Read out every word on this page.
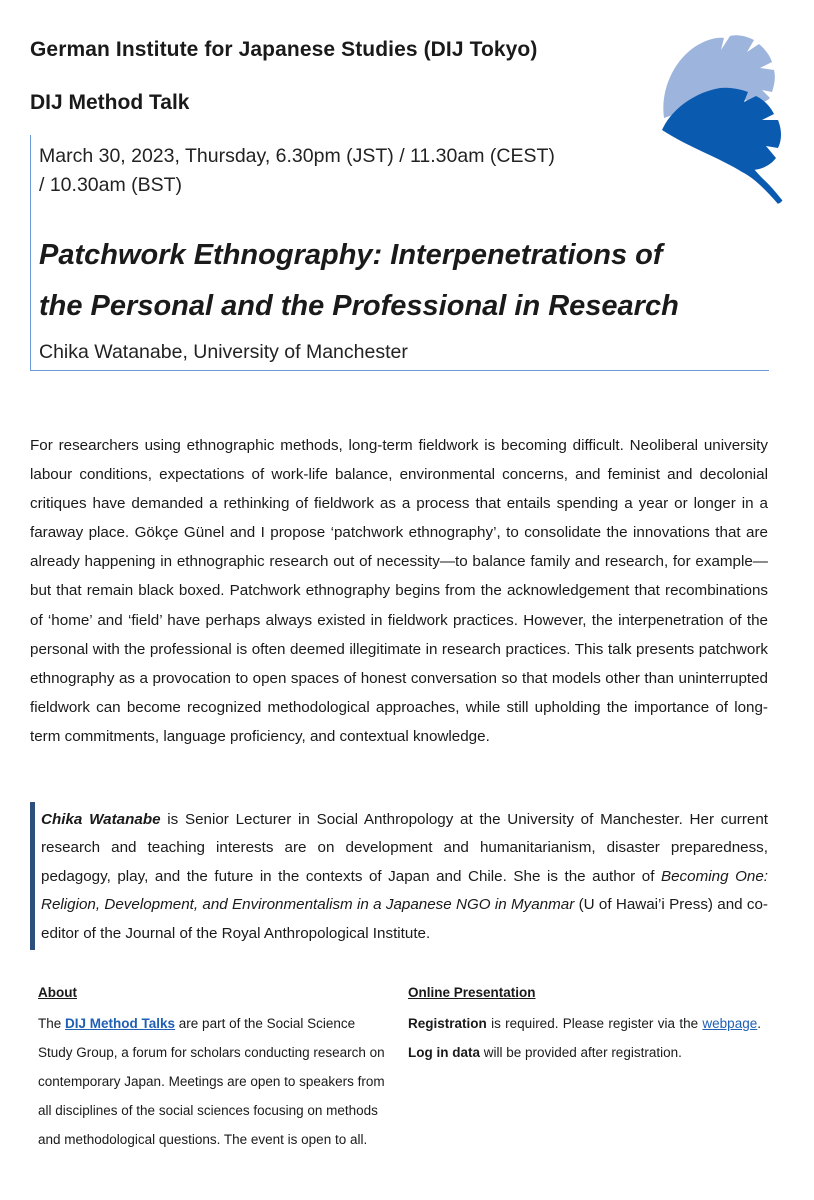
German Institute for Japanese Studies (DIJ Tokyo)
DIJ Method Talk
March 30, 2023, Thursday, 6.30pm (JST) / 11.30am (CEST)
/ 10.30am (BST)
Patchwork Ethnography: Interpenetrations of
the Personal and the Professional in Research
Chika Watanabe, University of Manchester

For researchers using ethnographic methods, long-term fieldwork is becoming difficult. Neoliberal university labour conditions, expectations of work-life balance, environmental concerns, and feminist and decolonial critiques have demanded a rethinking of fieldwork as a process that entails spending a year or longer in a faraway place. Gökçe Günel and I propose ‘patchwork ethnography’, to consolidate the innovations that are already happening in ethnographic research out of necessity—to balance family and research, for example—but that remain black boxed. Patchwork ethnography begins from the acknowledgement that recombinations of ‘home’ and ‘field’ have perhaps always existed in fieldwork practices. However, the interpenetration of the personal with the professional is often deemed illegitimate in research practices. This talk presents patchwork ethnography as a provocation to open spaces of honest conversation so that models other than uninterrupted fieldwork can become recognized methodological approaches, while still upholding the importance of long-term commitments, language proficiency, and contextual knowledge.

Chika Watanabe is Senior Lecturer in Social Anthropology at the University of Manchester. Her current research and teaching interests are on development and humanitarianism, disaster preparedness, pedagogy, play, and the future in the contexts of Japan and Chile. She is the author of Becoming One: Religion, Development, and Environmentalism in a Japanese NGO in Myanmar (U of Hawai’i Press) and co-editor of the Journal of the Royal Anthropological Institute.

About

The DIJ Method Talks are part of the Social Science Study Group, a forum for scholars conducting research on contemporary Japan. Meetings are open to speakers from all disciplines of the social sciences focusing on methods and methodological questions. The event is open to all.

Online Presentation

Registration is required. Please register via the webpage. Log in data will be provided after registration.
